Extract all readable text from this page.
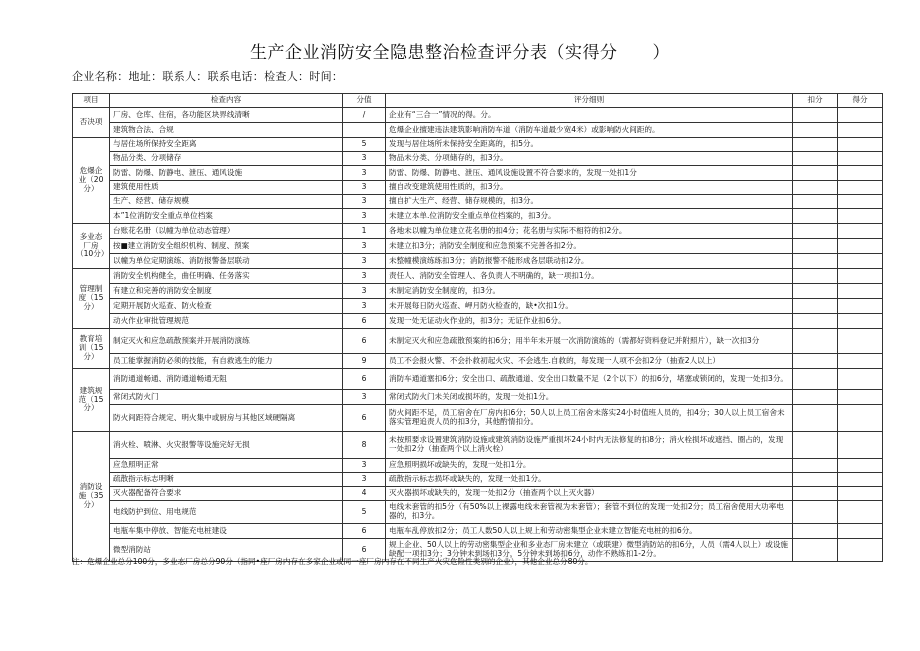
生产企业消防安全隐患整治检查评分表（实得分　　）
企业名称：地址：联系人：联系电话：检查人：时间：
项目	检查内容	分值	评分细则	扣分	得分
否决项	厂房、仓库、住宿，各功能区块界线清晰	/	企业有“三合一”情况的得。分。		
	建筑物合法、合规		危爆企业擅建违法建筑影响消防车道（消防车道最少宽4米）或影响防火间距的。		
危爆企业（20分）	与居住场所保持安全距离	5	发现与居住场所未保持安全距离的，扣5分。		
	物品分类、分项储存	3	物品未分类、分项储存的，扣3分。		
	防雷、防爆、防静电、泄压、通风设施	3	防雷、防爆、防静电、泄压、通风设施设置不符合要求的，发现一处扣1分		
	建筑使用性质	3	擅自改变建筑使用性质的，扣3分。		
	生产、经营、储存规模	3	擅自扩大生产、经营、储存规模的，扣3分。		
	本”1位消防安全重点单位档案	3	未建立本单.位消防安全重点单位档案的，扣3分。		
多业态厂房（10分）	台账花名册（以幢为单位动态管理）	1	各地未以幢为单位建立花名册的扣4分；花名册与实际不相符的扣2分。		
	按■建立消防安全组织机构、制度、预案	3	未建立扣3分；消防安全制度和应急预案不完善各扣2分。		
	以幢为单位定期演练、消防报警备层联动	3	未整幢模演练练扣3分；消防报警不能形成各层联动扣2分。		
管理制度（15分）	消防安全机构健全，曲任明确、任务落实	3	责任人、消防安全管理人、各负责人不明确的，缺一项扣1分。		
	有建立和完善的消防安全制度	3	未制定消防安全制度的，扣3分。		
	定期开展防火巡查、防火检查	3	未开展每日防火巡查、岬月防火检查的，缺•次扣1分。		
	动火作业审批管理规范	6	发现一处无证动火作业的，扣3分；无证作业扣6分。		
教育培训（15分）	制定灭火和应急疏散预案并开展消防演练	6	未制定灭火和应急疏散预案的扣6分；用半年未开展一次消防演练的（需都好资料登记并附照片），缺一次扣3分		
	员工能掌握消防必须的技能，有自救逃生的能力	9	员工不会报火警、不会扑救初起火灾、不会逃生.自救的，每发现一人项不会扣2分（抽查2人以上）		
建筑规范（15分）	消防通道畅通、消防通道畅通无阻	6	消防车通道塞扣6分；安全出口、疏散通道、安全出口数量不足（2个以下）的扣6分，堵塞或锁闭的，发现一处扣3分。		
	常闭式防火门	3	常闭式防火门未关闭或损坏的，发现一处扣1分。		
	防火间距符合规定、明火集中或厨房与其他区域硬隔离	6	防火间距不足，员工宿舍在厂房内扣6分；50人以上员工宿舍未落实24小时值班人员的，扣4分；30人以上员工宿舍未落实管理追责人员的扣3分，其他酌情扣分。		
消防设施（35分）	消火栓、喷淋、火灾报警等设施完好无损	8	未按照要求设置建筑消防设施或建筑消防设施严重损坏24小时内无法修复的扣8分；消火栓损坏或遮挡、圈占的，发现一处扣2分（抽查两个以上消火栓）		
	应急照明正常	3	应急照明损坏或缺失的，发现一处扣1分。		
	疏散指示标志明晰	3	疏散指示标志损坏或缺失的，发现一处扣1分。		
	灭火器配备符合要求	4	灭火器损坏或缺失的，发现一处扣2分（抽查两个以上灭火器）		
	电线防护到位、用电规范	5	电线未套管的扣5分（有50%以上裸露电线未套管视为未套管）；套管不到位的发现一处扣2分；员工宿舍使用大功率电器的，扣3分。		
	电瓶车集中停放、智能充电桩建设	6	电瓶车乱停放扣2分；员工人数50人以上规上和劳动密集型企业未建立智能充电桩的扣6分。		
	微型消防站	6	规上企业、50人以上的劳动密集型企业和多业态厂房未建立（或联建）微型消防站的扣6分，人员（需4人以上）或设施缺配一项扣3分；3分钟未到场扣3分，5分钟未到场扣6分，动作不熟练扣1-2分。		
注：危爆企业总分100分，多业态厂房总分90分（指同•座厂房内存在多家企业或同一座厂房内存在不同生产火灾危险性类别的企业），其他企业总分80分。
